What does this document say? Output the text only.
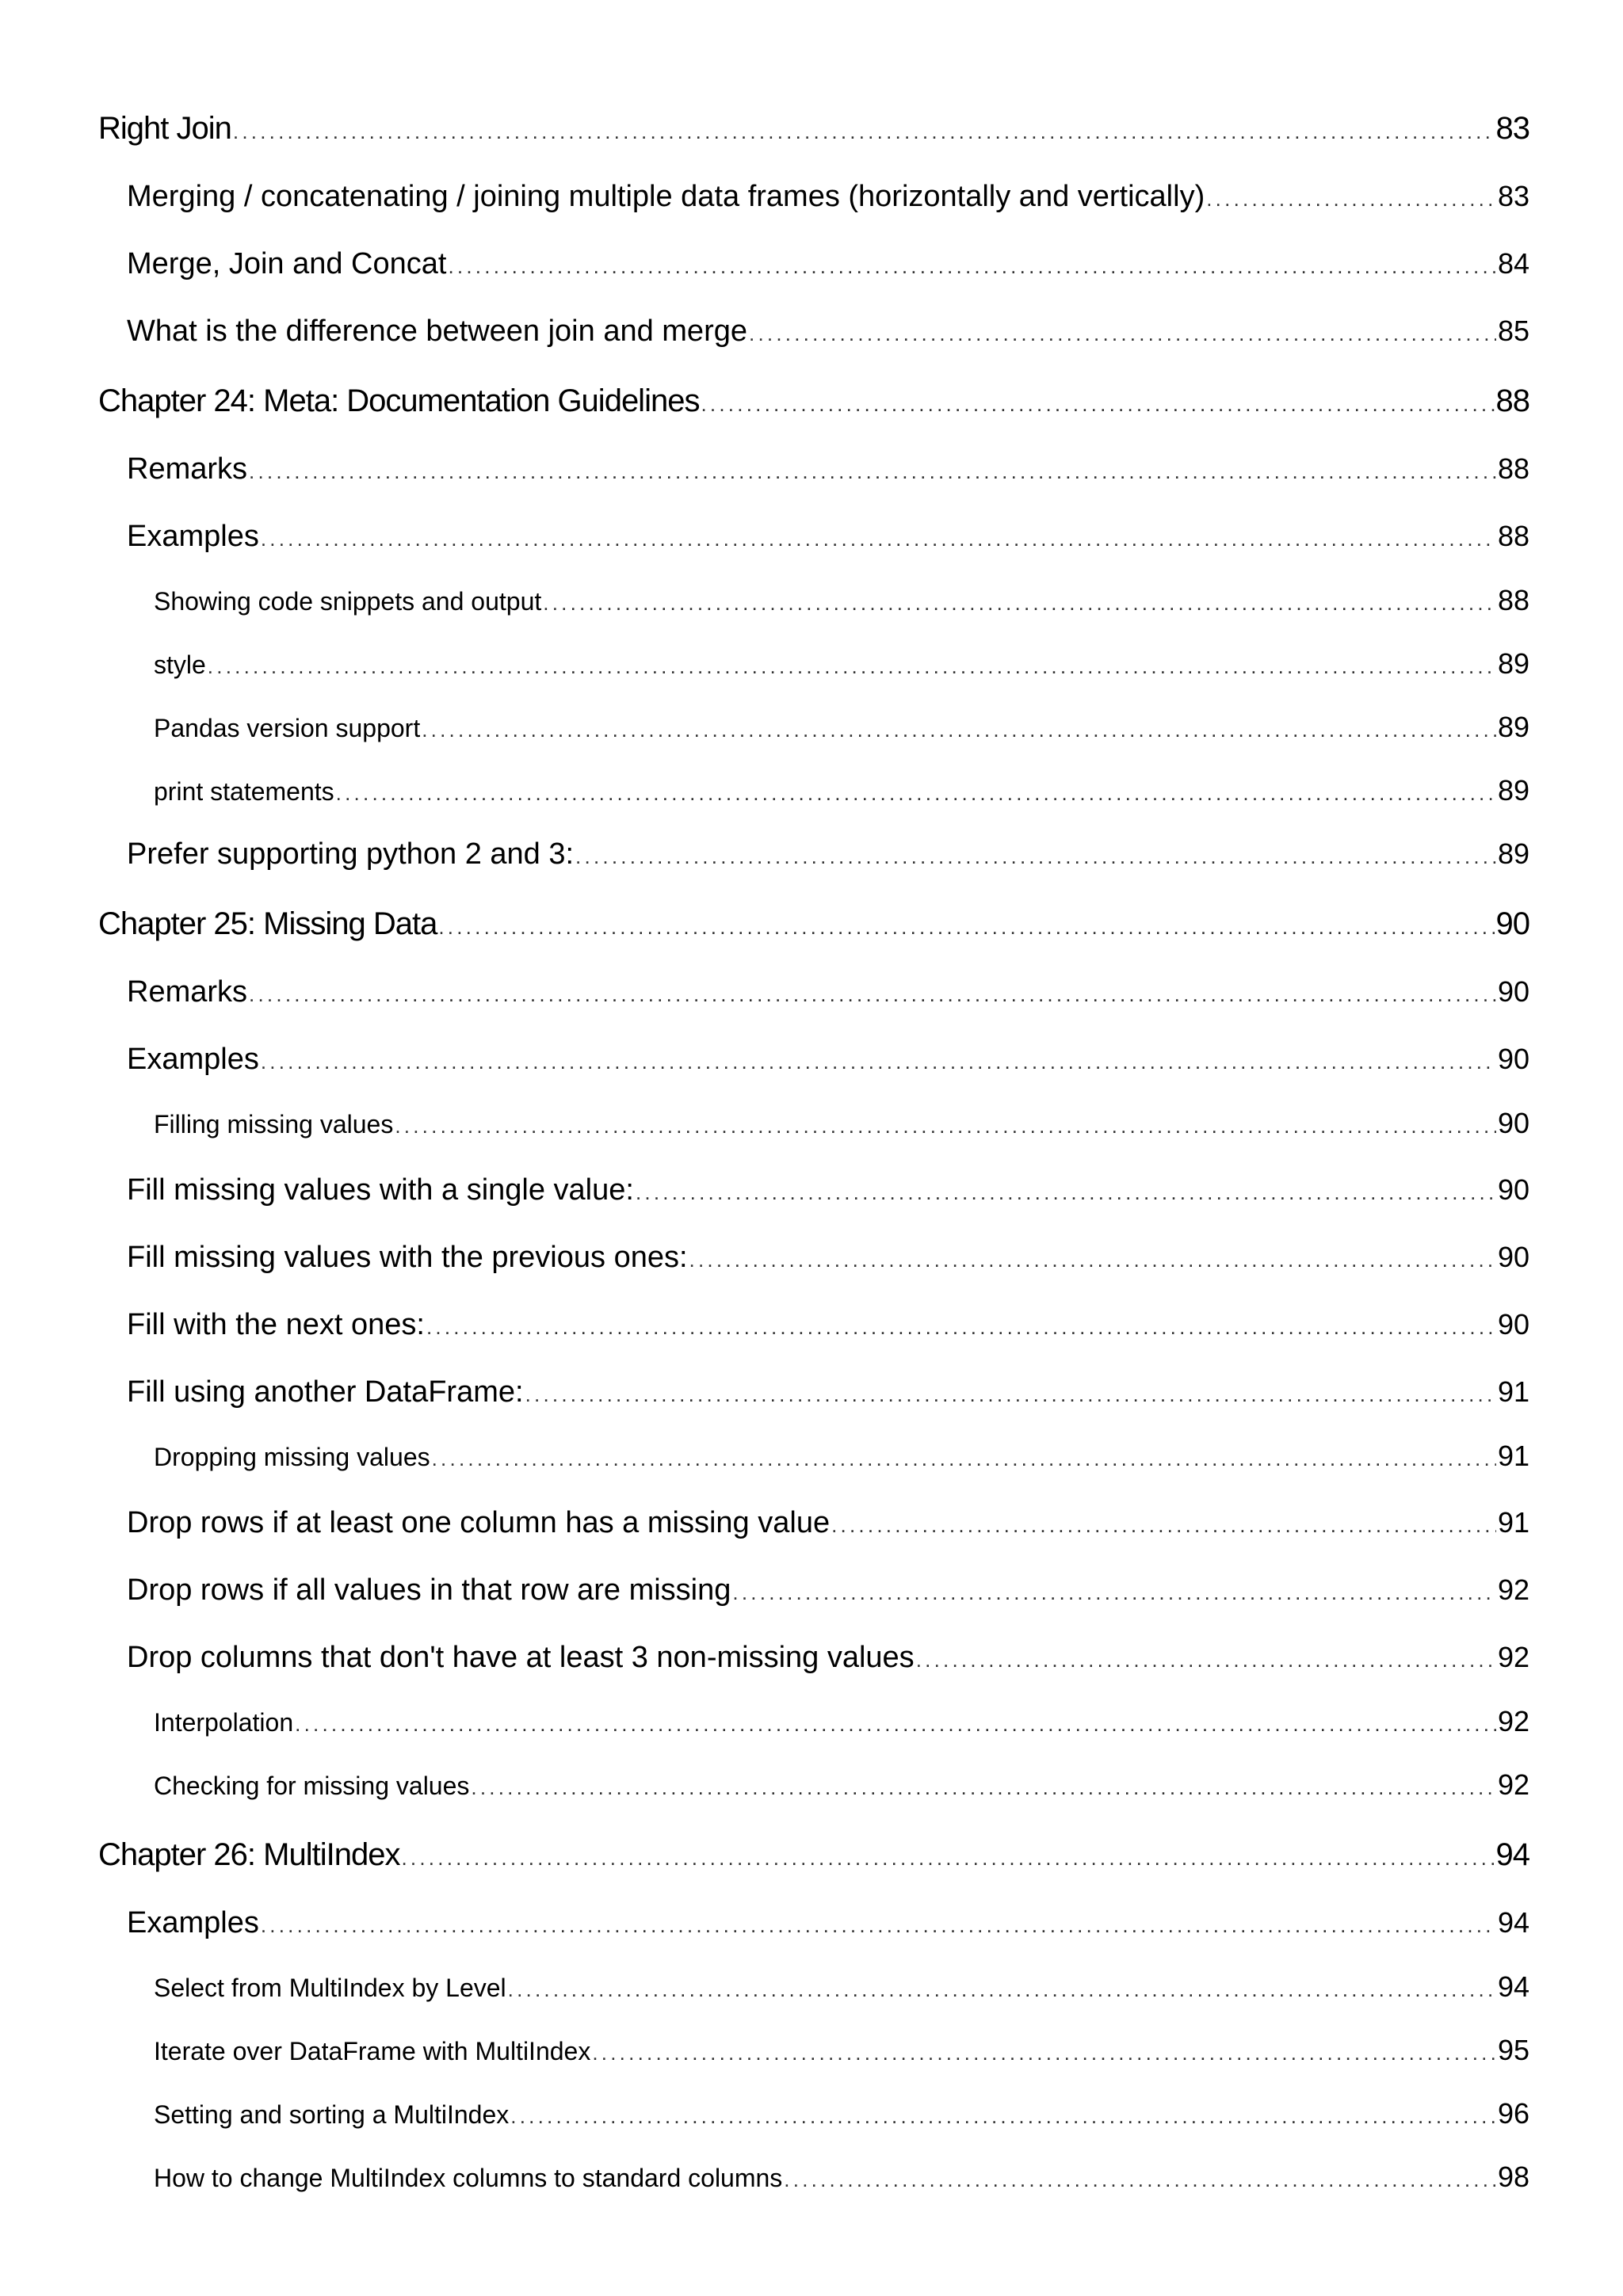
Right Join . . .	83
Merging / concatenating / joining multiple data frames (horizontally and vertically) . . .	83
Merge, Join and Concat . . .	84
What is the difference between join and merge . . .	85
Chapter 24: Meta: Documentation Guidelines . . .	88
Remarks . . .	88
Examples . . .	88
Showing code snippets and output . . .	88
style . . .	89
Pandas version support . . .	89
print statements . . .	89
Prefer supporting python 2 and 3: . . .	89
Chapter 25: Missing Data . . .	90
Remarks . . .	90
Examples . . .	90
Filling missing values . . .	90
Fill missing values with a single value: . . .	90
Fill missing values with the previous ones: . . .	90
Fill with the next ones: . . .	90
Fill using another DataFrame: . . .	91
Dropping missing values . . .	91
Drop rows if at least one column has a missing value . . .	91
Drop rows if all values in that row are missing . . .	92
Drop columns that don't have at least 3 non-missing values . . .	92
Interpolation . . .	92
Checking for missing values . . .	92
Chapter 26: MultiIndex . . .	94
Examples . . .	94
Select from MultiIndex by Level . . .	94
Iterate over DataFrame with MultiIndex . . .	95
Setting and sorting a MultiIndex . . .	96
How to change MultiIndex columns to standard columns . . .	98
